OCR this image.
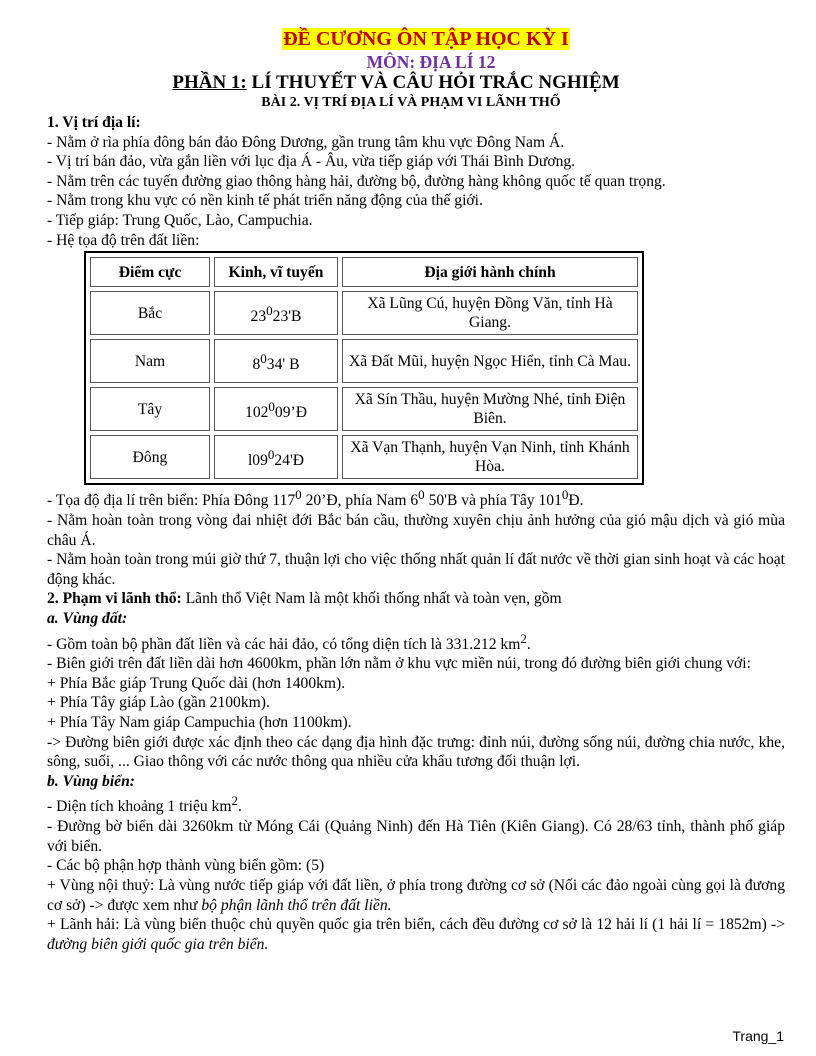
ĐỀ CƯƠNG ÔN TẬP HỌC KỲ I
MÔN: ĐỊA LÍ 12
PHẦN 1: LÍ THUYẾT VÀ CÂU HỎI TRẮC NGHIỆM
BÀI 2. VỊ TRÍ ĐỊA LÍ VÀ PHẠM VI LÃNH THỔ

1. Vị trí địa lí:

- Nằm ở rìa phía đông bán đảo Đông Dương, gần trung tâm khu vực Đông Nam Á.

- Vị trí bán đảo, vừa gắn liền với lục địa Á - Âu, vừa tiếp giáp với Thái Bình Dương.

- Nằm trên các tuyến đường giao thông hàng hải, đường bộ, đường hàng không quốc tế quan trọng.

- Nằm trong khu vực có nền kinh tế phát triển năng động của thế giới.

- Tiếp giáp: Trung Quốc, Lào, Campuchia.

- Hệ tọa độ trên đất liền:

Điểm cực	Kinh, vĩ tuyến	Địa giới hành chính
Bắc	$23^023'B$	Xã Lũng Cú, huyện Đồng Văn, tỉnh Hà Giang.
Nam	$8^034'$ B	Xã Đất Mũi, huyện Ngọc Hiển, tỉnh Cà Mau.
Tây	$102^009’Đ$	Xã Sín Thầu, huyện Mường Nhé, tỉnh Điện Biên.
Đông	$l09^024'Đ$	Xã Vạn Thạnh, huyện Vạn Ninh, tỉnh Khánh Hòa.

- Tọa độ địa lí trên biển: Phía Đông $117^0$ 20’Đ, phía Nam $6^0$ 50'B và phía Tây $101^0Đ$.

- Nằm hoàn toàn trong vòng đai nhiệt đới Bắc bán cầu, thường xuyên chịu ảnh hưởng của gió mậu dịch và gió mùa châu Á.

- Nằm hoàn toàn trong múi giờ thứ 7, thuận lợi cho việc thống nhất quản lí đất nước về thời gian sinh hoạt và các hoạt động khác.

2. Phạm vi lãnh thổ: Lãnh thổ Việt Nam là một khối thống nhất và toàn vẹn, gồm

a. Vùng đất:

- Gồm toàn bộ phần đất liền và các hải đảo, có tổng diện tích là 331.212 $km^2$.

- Biên giới trên đất liền dài hơn 4600km, phần lớn nằm ở khu vực miền núi, trong đó đường biên giới chung với:

+ Phía Bắc giáp Trung Quốc dài (hơn 1400km).

+ Phía Tây giáp Lào (gần 2100km).

+ Phía Tây Nam giáp Campuchia (hơn 1100km).

-> Đường biên giới được xác định theo các dạng địa hình đặc trưng: đỉnh núi, đường sống núi, đường chia nước, khe, sông, suối, ... Giao thông với các nước thông qua nhiều cửa khẩu tương đối thuận lợi.

b. Vùng biển:

- Diện tích khoảng 1 triệu $km^2$.

- Đường bờ biển dài 3260km từ Móng Cái (Quảng Ninh) đến Hà Tiên (Kiên Giang). Có 28/63 tỉnh, thành phố giáp với biển.

- Các bộ phận hợp thành vùng biển gồm: (5)

+ Vùng nội thuỷ: Là vùng nước tiếp giáp với đất liền, ở phía trong đường cơ sở (Nối các đảo ngoài cùng gọi là đương cơ sở) -> được xem như bộ phận lãnh thổ trên đất liền.

+ Lãnh hải: Là vùng biển thuộc chủ quyền quốc gia trên biển, cách đều đường cơ sở là 12 hải lí (1 hải lí = 1852m) -> đường biên giới quốc gia trên biển.

Trang_1
